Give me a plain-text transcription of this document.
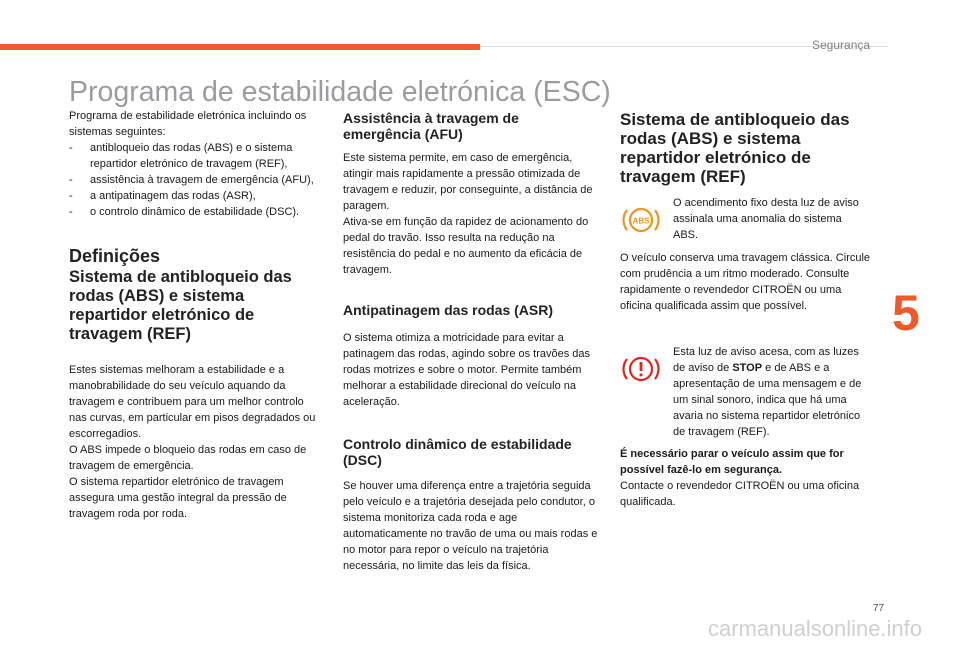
Segurança
5
Programa de estabilidade eletrónica (ESC)

Programa de estabilidade eletrónica incluindo os sistemas seguintes:

- antibloqueio das rodas (ABS) e o sistema repartidor eletrónico de travagem (REF),
- assistência à travagem de emergência (AFU),
- a antipatinagem das rodas (ASR),
- o controlo dinâmico de estabilidade (DSC).
Definições
Sistema de antibloqueio das rodas (ABS) e sistema repartidor eletrónico de travagem (REF)

Estes sistemas melhoram a estabilidade e a manobrabilidade do seu veículo aquando da travagem e contribuem para um melhor controlo nas curvas, em particular em pisos degradados ou escorregadios.

O ABS impede o bloqueio das rodas em caso de travagem de emergência.

O sistema repartidor eletrónico de travagem assegura uma gestão integral da pressão de travagem roda por roda.

Assistência à travagem de emergência (AFU)

Este sistema permite, em caso de emergência, atingir mais rapidamente a pressão otimizada de travagem e reduzir, por conseguinte, a distância de paragem.

Ativa-se em função da rapidez de acionamento do pedal do travão. Isso resulta na redução na resistência do pedal e no aumento da eficácia de travagem.

Antipatinagem das rodas (ASR)

O sistema otimiza a motricidade para evitar a patinagem das rodas, agindo sobre os travões das rodas motrizes e sobre o motor. Permite também melhorar a estabilidade direcional do veículo na aceleração.

Controlo dinâmico de estabilidade (DSC)

Se houver uma diferença entre a trajetória seguida pelo veículo e a trajetória desejada pelo condutor, o sistema monitoriza cada roda e age automaticamente no travão de uma ou mais rodas e no motor para repor o veículo na trajetória necessária, no limite das leis da física.

Sistema de antibloqueio das rodas (ABS) e sistema repartidor eletrónico de travagem (REF)
ABS
O acendimento fixo desta luz de aviso assinala uma anomalia do sistema ABS.
O veículo conserva uma travagem clássica. Circule com prudência a um ritmo moderado. Consulte rapidamente o revendedor CITROËN ou uma oficina qualificada assim que possível.
Esta luz de aviso acesa, com as luzes de aviso de STOP e de ABS e a apresentação de uma mensagem e de um sinal sonoro, indica que há uma avaria no sistema repartidor eletrónico de travagem (REF).

É necessário parar o veículo assim que for possível fazê-lo em segurança.

Contacte o revendedor CITROËN ou uma oficina qualificada.

77
carmanualsonline.info
